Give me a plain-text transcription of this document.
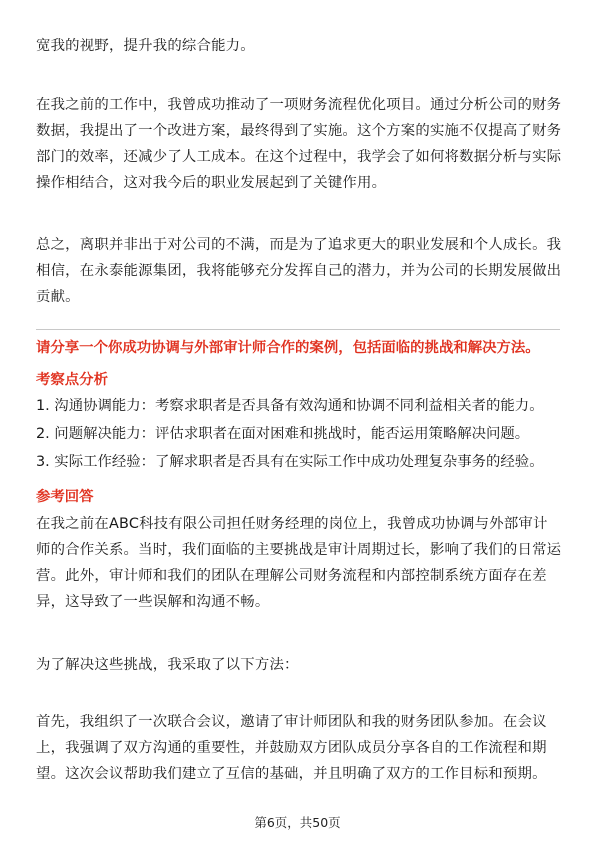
宽我的视野，提升我的综合能力。

在我之前的工作中，我曾成功推动了一项财务流程优化项目。通过分析公司的财务数据，我提出了一个改进方案，最终得到了实施。这个方案的实施不仅提高了财务部门的效率，还减少了人工成本。在这个过程中，我学会了如何将数据分析与实际操作相结合，这对我今后的职业发展起到了关键作用。

总之，离职并非出于对公司的不满，而是为了追求更大的职业发展和个人成长。我相信，在永泰能源集团，我将能够充分发挥自己的潜力，并为公司的长期发展做出贡献。

请分享一个你成功协调与外部审计师合作的案例，包括面临的挑战和解决方法。

考察点分析

1. 沟通协调能力：考察求职者是否具备有效沟通和协调不同利益相关者的能力。

2. 问题解决能力：评估求职者在面对困难和挑战时，能否运用策略解决问题。

3. 实际工作经验：了解求职者是否具有在实际工作中成功处理复杂事务的经验。

参考回答

在我之前在ABC科技有限公司担任财务经理的岗位上，我曾成功协调与外部审计师的合作关系。当时，我们面临的主要挑战是审计周期过长，影响了我们的日常运营。此外，审计师和我们的团队在理解公司财务流程和内部控制系统方面存在差异，这导致了一些误解和沟通不畅。

为了解决这些挑战，我采取了以下方法：

首先，我组织了一次联合会议，邀请了审计师团队和我的财务团队参加。在会议上，我强调了双方沟通的重要性，并鼓励双方团队成员分享各自的工作流程和期望。这次会议帮助我们建立了互信的基础，并且明确了双方的工作目标和预期。

第6页，共50页
